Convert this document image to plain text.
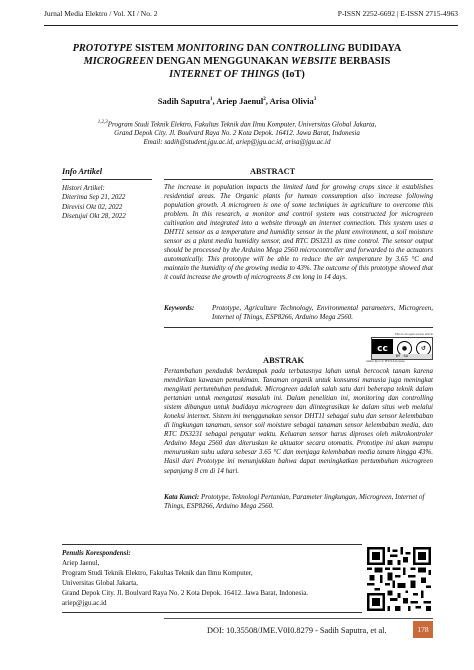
Jurnal Media Elektro / Vol. XI / No. 2	P-ISSN 2252-6692 | E-ISSN 2715-4963
PROTOTYPE SISTEM MONITORING DAN CONTROLLING BUDIDAYA
MICROGREEN DENGAN MENGGUNAKAN WEBSITE BERBASIS
INTERNET OF THINGS (IoT)
Sadih Saputra$^1$, Ariep Jaenul$^2$, Arisa Olivia$^3$
$^{1,2,3}$Program Studi Teknik Elektro, Fakultas Teknik dan Ilmu Komputer, Universitas Global Jakarta,
Grand Depok City. Jl. Boulvard Raya No. 2 Kota Depok. 16412. Jawa Barat, Indonesia
Email: sadih@student.jgu.ac.id, ariep@jgu.ac.id, arisa@jgu.ac.id
Info Artikel	ABSTRACT
Histori Artikel:
Diterima Sep 21, 2022
Direvisi Okt 02, 2022
Disetujui Okt 28, 2022
The increase in population impacts the limited land for growing crops since it establishes residential areas. The Organic plants for human consumption also increase following population growth. A microgreen is one of some techniques in agriculture to overcome this problem. In this research, a monitor and control system was constructed for microgreen cultivation and integrated into a website through an internet connection. This system uses a DHT11 sensor as a temperature and humidity sensor in the plant environment, a soil moisture sensor as a plant media humidity sensor, and RTC DS3231 as time control. The sensor output should be processed by the Arduino Mega 2560 microcontroller and forwarded to the actuators automatically. This prototype will be able to reduce the air temperature by 3.65 °C and maintain the humidity of the growing media to 43%. The outcome of this prototype showed that it could increase the growth of microgreens 8 cm long in 14 days.
Keywords:	Prototype, Agriculture Technology, Environmental parameters, Microgreen, Internet of Things, ESP8266, Arduino Mega 2560.
This is an open access article
cc	●	↺
BY SA
under the CC BY-SA license
ABSTRAK
Pertambahan penduduk berdampak pada terbatasnya lahan untuk bercocok tanam karena mendirikan kawasan pemukiman. Tanaman organik untuk konsumsi manusia juga meningkat mengikuti pertumbuhan penduduk. Microgreen adalah salah satu dari beberapa teknik dalam pertanian untuk mengatasi masalah ini. Dalam penelitian ini, monitoring dan controlling sistem dibangun untuk budidaya microgreen dan diintegrasikan ke dalam situs web melalui koneksi internet. Sistem ini menggunakan sensor DHT11 sebagai suhu dan sensor kelembaban di lingkungan tanaman, sensor soil moisture sebagai tanaman sensor kelembaban media, dan RTC DS3231 sebagai pengatur waktu. Keluaran sensor harus diproses oleh mikrokontroler Arduino Mega 2560 dan diteruskan ke aktuator secara otomatis. Prototipe ini akan mampu menurunkan suhu udara sebesar 3.65 °C dan menjaga kelembaban media tanam hingga 43%. Hasil dari Prototype ini menunjukkan bahwa dapat meningkatkan pertumbuhan microgreen sepanjang 8 cm di 14 hari.
Kata Kunci: Prototype, Teknologi Pertanian, Parameter lingkungan, Microgreen, Internet of Things, ESP8266, Arduino Mega 2560.
Penulis Korespondensi:
Ariep Jaenul,
Program Studi Teknik Elektro, Fakultas Teknik dan Ilmu Komputer,
Universitas Global Jakarta,
Grand Depok City. Jl. Boulvard Raya No. 2 Kota Depok. 16412. Jawa Barat, Indonesia.
ariep@jgu.ac.id
DOI: 10.35508/JME.V0I0.8279 - Sadih Saputra, et al.	178
